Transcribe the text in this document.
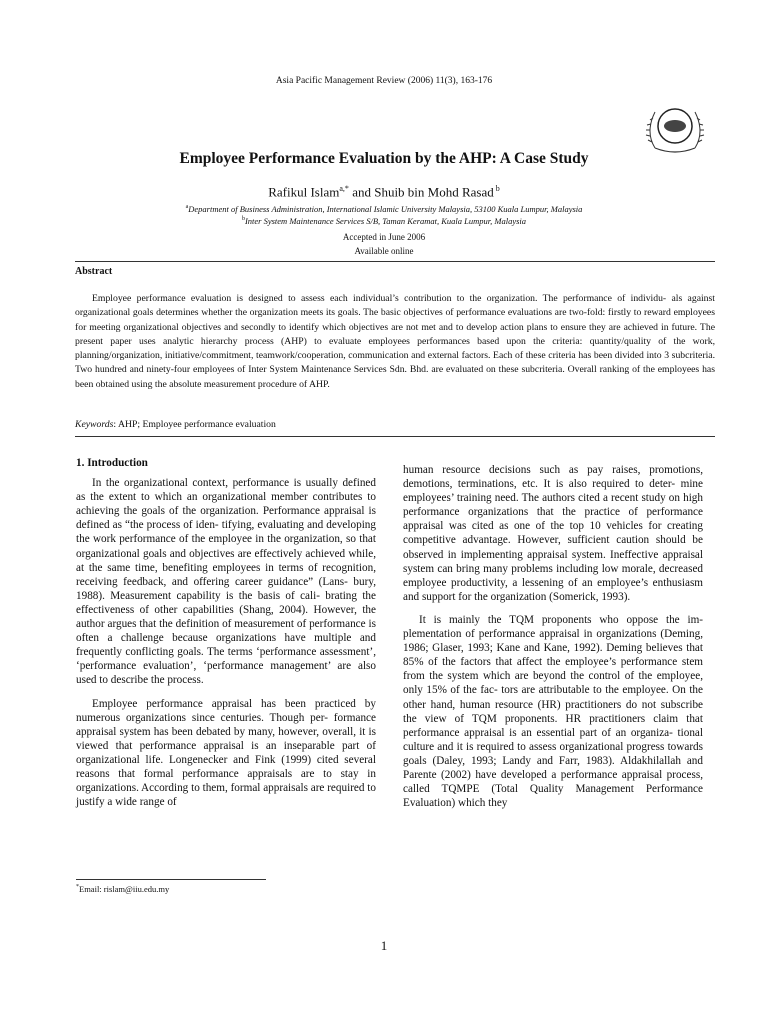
Asia Pacific Management Review (2006) 11(3), 163-176
Employee Performance Evaluation by the AHP: A Case Study
Rafikul Islam$^{a,*}$ and Shuib bin Mohd Rasad $^b$
$^a$Department of Business Administration, International Islamic University Malaysia, 53100 Kuala Lumpur, Malaysia
$^b$Inter System Maintenance Services S/B, Taman Keramat, Kuala Lumpur, Malaysia
Accepted in June 2006
Available online
Abstract

Employee performance evaluation is designed to assess each individual’s contribution to the organization. The performance of individu- als against organizational goals determines whether the organization meets its goals. The basic objectives of performance evaluations are two-fold: firstly to reward employees for meeting organizational objectives and secondly to identify which objectives are not met and to develop action plans to ensure they are achieved in future. The present paper uses analytic hierarchy process (AHP) to evaluate employees performances based upon the criteria: quantity/quality of the work, planning/organization, initiative/commitment, teamwork/cooperation, communication and external factors. Each of these criteria has been divided into 3 subcriteria. Two hundred and ninety-four employees of Inter System Maintenance Services Sdn. Bhd. are evaluated on these subcriteria. Overall ranking of the employees has been obtained using the absolute measurement procedure of AHP.

Keywords: AHP; Employee performance evaluation
1. Introduction

In the organizational context, performance is usually defined as the extent to which an organizational member contributes to achieving the goals of the organization. Performance appraisal is defined as “the process of iden- tifying, evaluating and developing the work performance of the employee in the organization, so that organizational goals and objectives are effectively achieved while, at the same time, benefiting employees in terms of recognition, receiving feedback, and offering career guidance” (Lans- bury, 1988). Measurement capability is the basis of cali- brating the effectiveness of other capabilities (Shang, 2004). However, the author argues that the definition of measurement of performance is often a challenge because organizations have multiple and frequently conflicting goals. The terms ‘performance assessment’, ‘performance evaluation’, ‘performance management’ are also used to describe the process.

Employee performance appraisal has been practiced by numerous organizations since centuries. Though per- formance appraisal system has been debated by many, however, overall, it is viewed that performance appraisal is an inseparable part of organizational life. Longenecker and Fink (1999) cited several reasons that formal performance appraisals are to stay in organizations. According to them, formal appraisals are required to justify a wide range of

human resource decisions such as pay raises, promotions, demotions, terminations, etc. It is also required to deter- mine employees’ training need. The authors cited a recent study on high performance organizations that the practice of performance appraisal was cited as one of the top 10 vehicles for creating competitive advantage. However, sufficient caution should be observed in implementing appraisal system. Ineffective appraisal system can bring many problems including low morale, decreased employee productivity, a lessening of an employee’s enthusiasm and support for the organization (Somerick, 1993).

It is mainly the TQM proponents who oppose the im- plementation of performance appraisal in organizations (Deming, 1986; Glaser, 1993; Kane and Kane, 1992). Deming believes that 85% of the factors that affect the employee’s performance stem from the system which are beyond the control of the employee, only 15% of the fac- tors are attributable to the employee. On the other hand, human resource (HR) practitioners do not subscribe the view of TQM proponents. HR practitioners claim that performance appraisal is an essential part of an organiza- tional culture and it is required to assess organizational progress towards goals (Daley, 1993; Landy and Farr, 1983). Aldakhilallah and Parente (2002) have developed a performance appraisal process, called TQMPE (Total Quality Management Performance Evaluation) which they

*Email: rislam@iiu.edu.my
1
